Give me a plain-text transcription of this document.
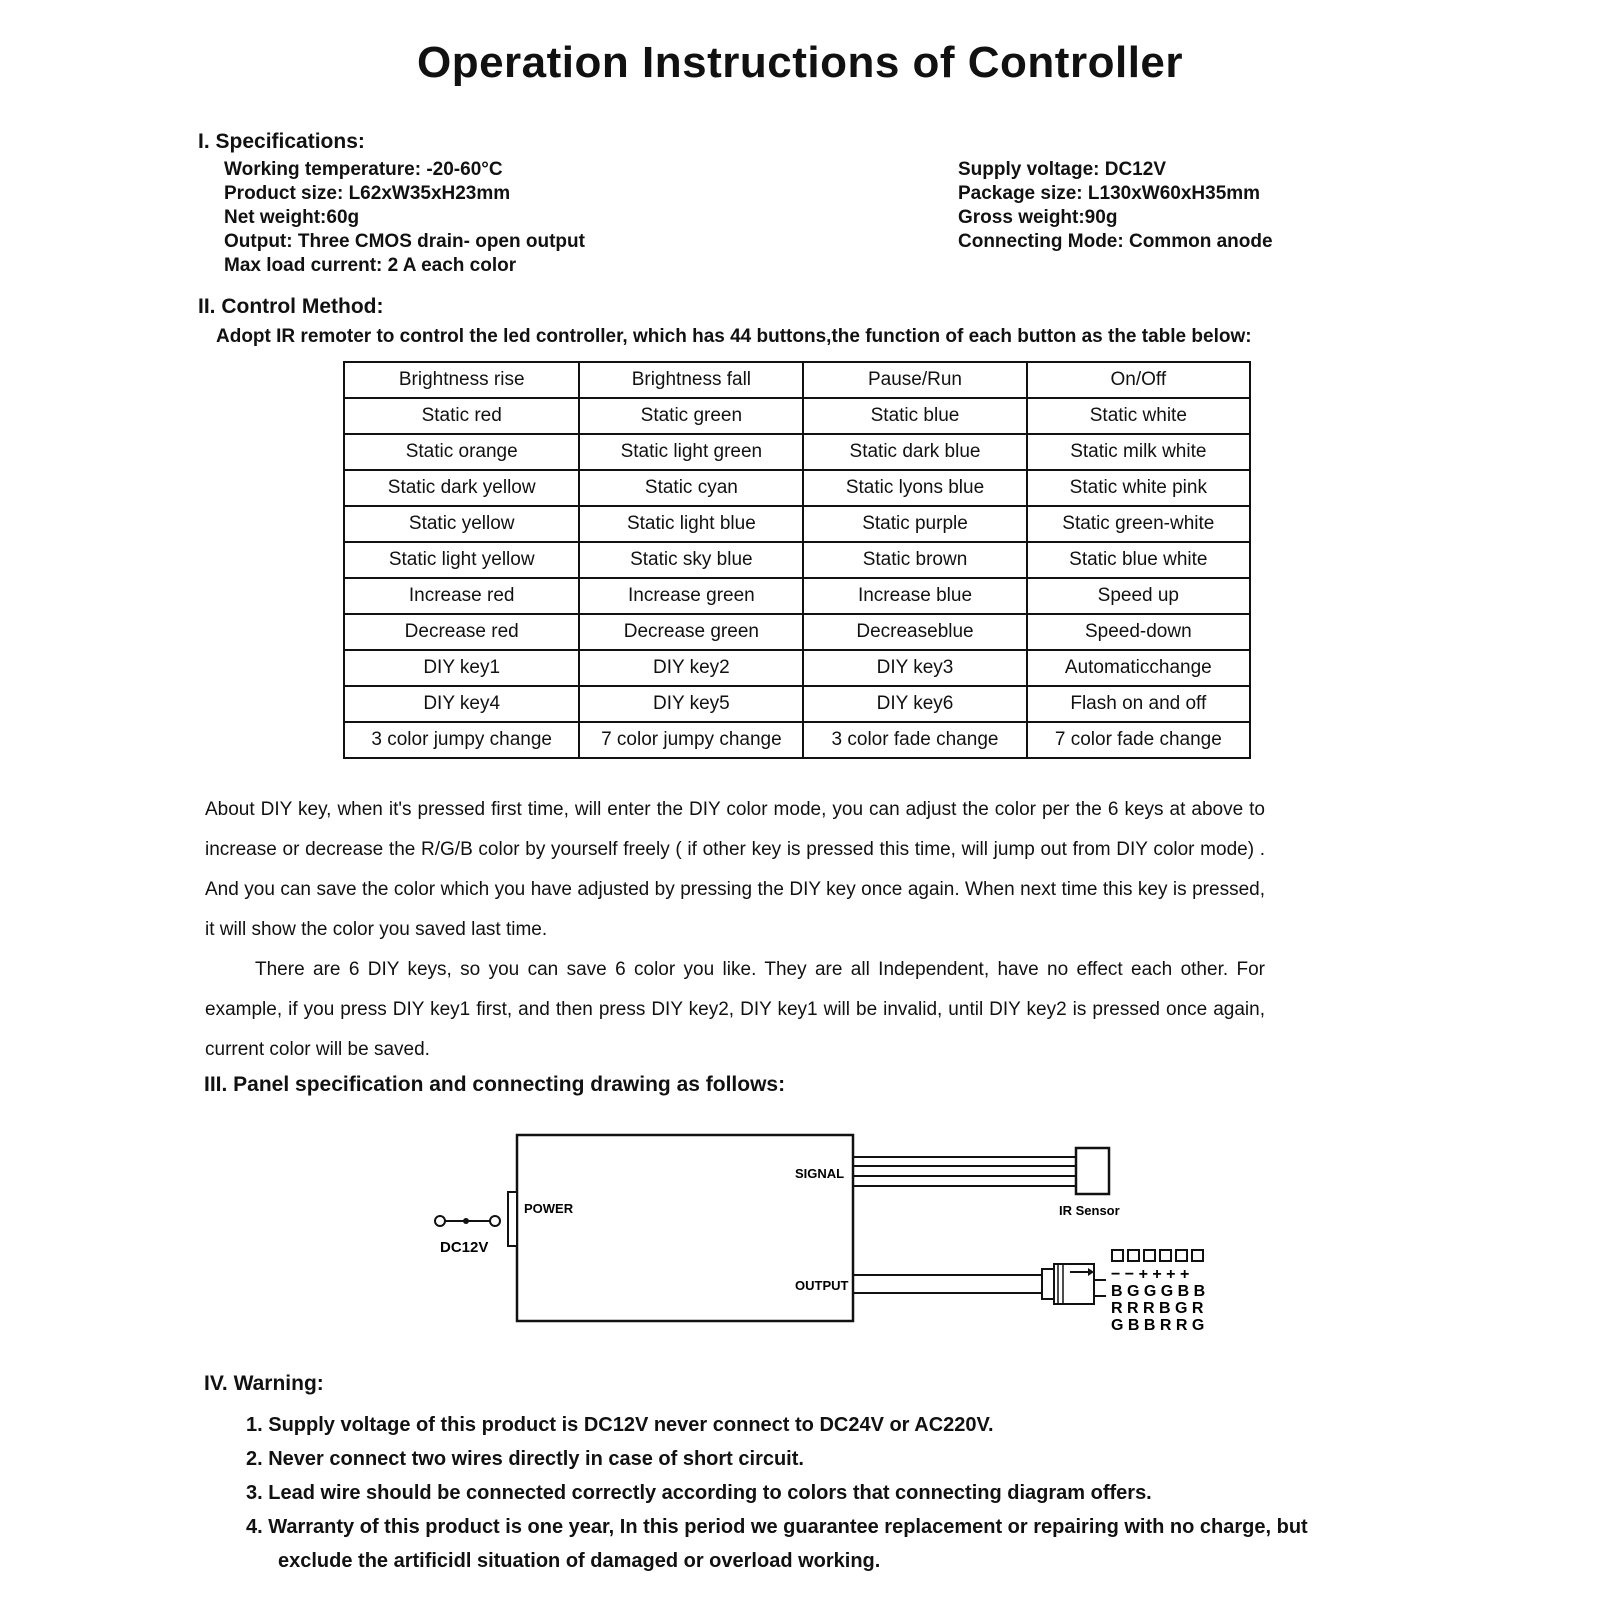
Operation Instructions of Controller
I. Specifications:
Working temperature: -20-60°C
Product size: L62xW35xH23mm
Net weight:60g
Output: Three CMOS drain- open output
Max load current: 2 A each color
Supply voltage: DC12V
Package size: L130xW60xH35mm
Gross weight:90g
Connecting Mode: Common anode
II. Control Method:
Adopt IR remoter to control the led controller, which has 44 buttons,the function of each button as the table below:
Brightness rise	Brightness fall	Pause/Run	On/Off
Static red	Static green	Static blue	Static white
Static orange	Static light green	Static dark blue	Static milk white
Static dark yellow	Static cyan	Static lyons blue	Static white pink
Static yellow	Static light blue	Static purple	Static green-white
Static light yellow	Static sky blue	Static brown	Static blue white
Increase red	Increase green	Increase blue	Speed up
Decrease red	Decrease green	Decreaseblue	Speed-down
DIY key1	DIY key2	DIY key3	Automaticchange
DIY key4	DIY key5	DIY key6	Flash on and off
3 color jumpy change	7 color jumpy change	3 color fade change	7 color fade change

About DIY key, when it's pressed first time, will enter the DIY color mode, you can adjust the color per the 6 keys at above to increase or decrease the R/G/B color by yourself freely ( if other key is pressed this time, will jump out from DIY color mode) . And you can save the color which you have adjusted by pressing the DIY key once again. When next time this key is pressed, it will show the color you saved last time.

There are 6 DIY keys, so you can save 6 color you like. They are all Independent, have no effect each other. For example, if you press DIY key1 first, and then press DIY key2, DIY key1 will be invalid, until DIY key2 is pressed once again, current color will be saved.

III. Panel specification and connecting drawing as follows:
DC12V
POWER
SIGNAL
OUTPUT
IR Sensor
− − + + + +
B G G G B B
R R R B G R
G B B R R G
IV. Warning:
1. Supply voltage of this product is DC12V never connect to DC24V or AC220V.
2. Never connect two wires directly in case of short circuit.
3. Lead wire should be connected correctly according to colors that connecting diagram offers.
4. Warranty of this product is one year, In this period we guarantee replacement or repairing with no charge, but
exclude the artificidl situation of damaged or overload working.
